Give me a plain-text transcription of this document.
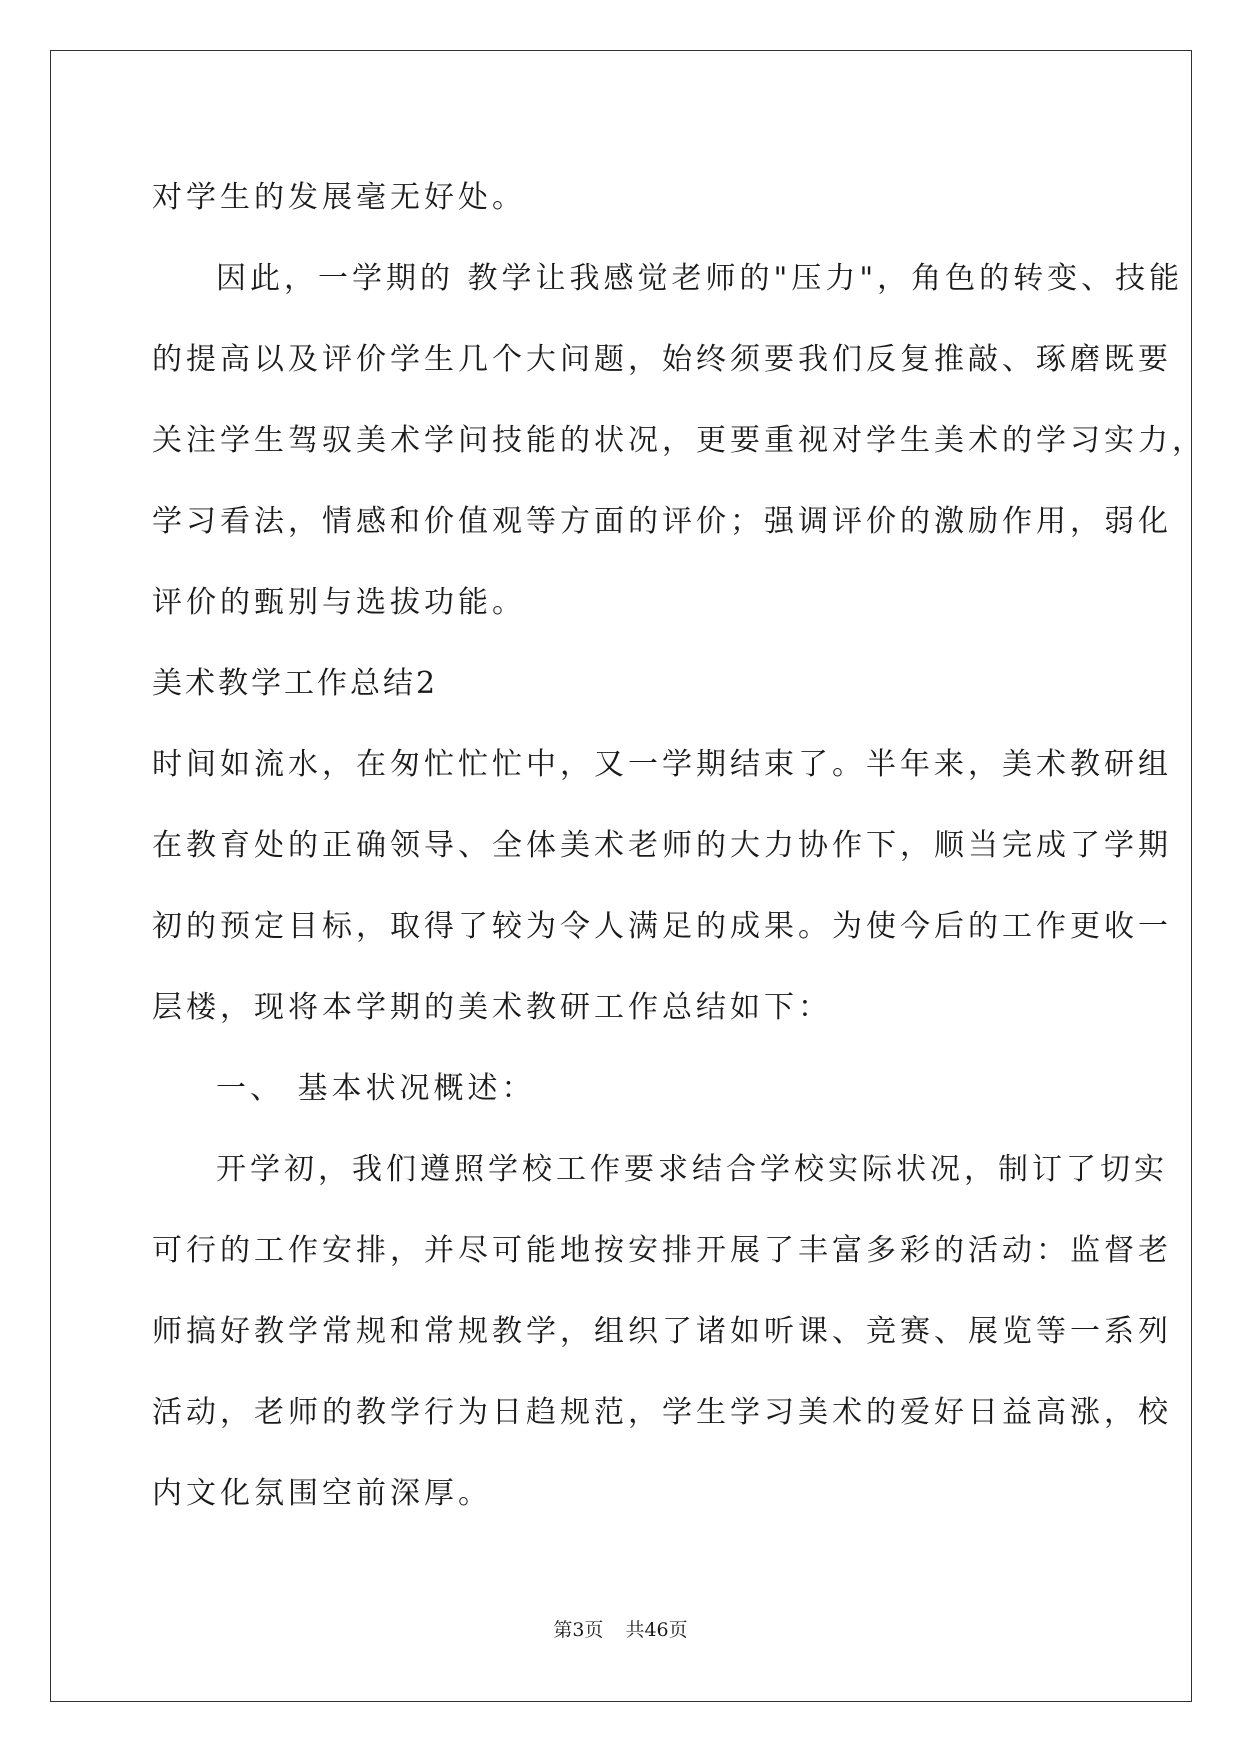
对学生的发展毫无好处。

因此，一学期的 教学让我感觉老师的"压力"，角色的转变、技能

的提高以及评价学生几个大问题，始终须要我们反复推敲、琢磨既要

关注学生驾驭美术学问技能的状况，更要重视对学生美术的学习实力，

学习看法，情感和价值观等方面的评价；强调评价的激励作用，弱化

评价的甄别与选拔功能。

美术教学工作总结2

时间如流水，在匆忙忙忙中，又一学期结束了。半年来，美术教研组

在教育处的正确领导、全体美术老师的大力协作下，顺当完成了学期

初的预定目标，取得了较为令人满足的成果。为使今后的工作更收一

层楼，现将本学期的美术教研工作总结如下：

一、 基本状况概述：

开学初，我们遵照学校工作要求结合学校实际状况，制订了切实

可行的工作安排，并尽可能地按安排开展了丰富多彩的活动：监督老

师搞好教学常规和常规教学，组织了诸如听课、竞赛、展览等一系列

活动，老师的教学行为日趋规范，学生学习美术的爱好日益高涨，校

内文化氛围空前深厚。

第3页 共46页
